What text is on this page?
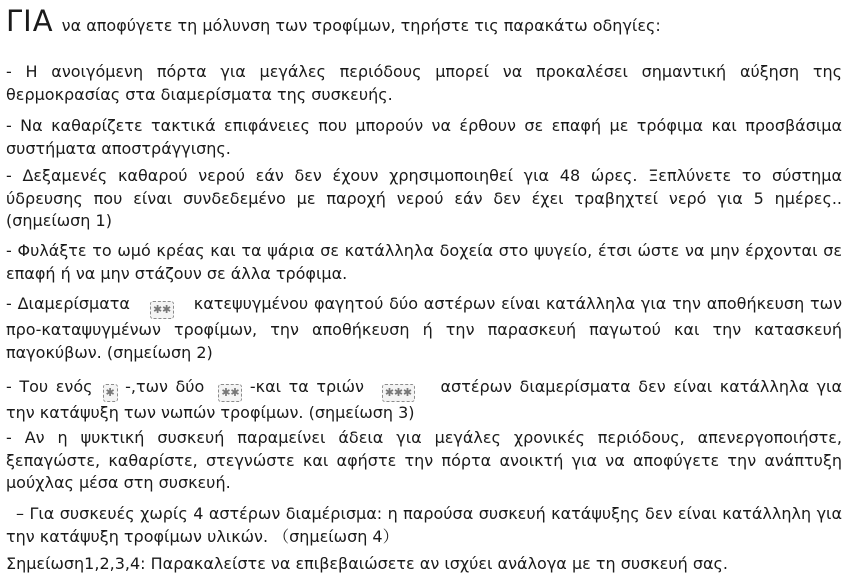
ΓΙΑ να αποφύγετε τη μόλυνση των τροφίμων, τηρήστε τις παρακάτω οδηγίες:
- Η ανοιγόμενη πόρτα για μεγάλες περιόδους μπορεί να προκαλέσει σημαντική αύξηση της θερμοκρασίας στα διαμερίσματα της συσκευής.
- Να καθαρίζετε τακτικά επιφάνειες που μπορούν να έρθουν σε επαφή με τρόφιμα και προσβάσιμα συστήματα αποστράγγισης.
- Δεξαμενές καθαρού νερού εάν δεν έχουν χρησιμοποιηθεί για 48 ώρες. Ξεπλύνετε το σύστημα ύδρευσης που είναι συνδεδεμένο με παροχή νερού εάν δεν έχει τραβηχτεί νερό για 5 ημέρες.. (σημείωση 1)
- Φυλάξτε το ωμό κρέας και τα ψάρια σε κατάλληλα δοχεία στο ψυγείο, έτσι ώστε να μην έρχονται σε επαφή ή να μην στάζουν σε άλλα τρόφιμα.
- Διαμερίσματα ✱✱ κατεψυγμένου φαγητού δύο αστέρων είναι κατάλληλα για την αποθήκευση των προ-καταψυγμένων τροφίμων, την αποθήκευση ή την παρασκευή παγωτού και την κατασκευή παγοκύβων. (σημείωση 2)
- Του ενός ✱ -,των δύο ✱✱ -και τα τριών ✱✱✱ αστέρων διαμερίσματα δεν είναι κατάλληλα για την κατάψυξη των νωπών τροφίμων. (σημείωση 3)
- Αν η ψυκτική συσκευή παραμείνει άδεια για μεγάλες χρονικές περιόδους, απενεργοποιήστε, ξεπαγώστε, καθαρίστε, στεγνώστε και αφήστε την πόρτα ανοικτή για να αποφύγετε την ανάπτυξη μούχλας μέσα στη συσκευή.
– Για συσκευές χωρίς 4 αστέρων διαμέρισμα: η παρούσα συσκευή κατάψυξης δεν είναι κατάλληλη για την κατάψυξη τροφίμων υλικών. （σημείωση 4）
Σημείωση1,2,3,4: Παρακαλείστε να επιβεβαιώσετε αν ισχύει ανάλογα με τη συσκευή σας.
